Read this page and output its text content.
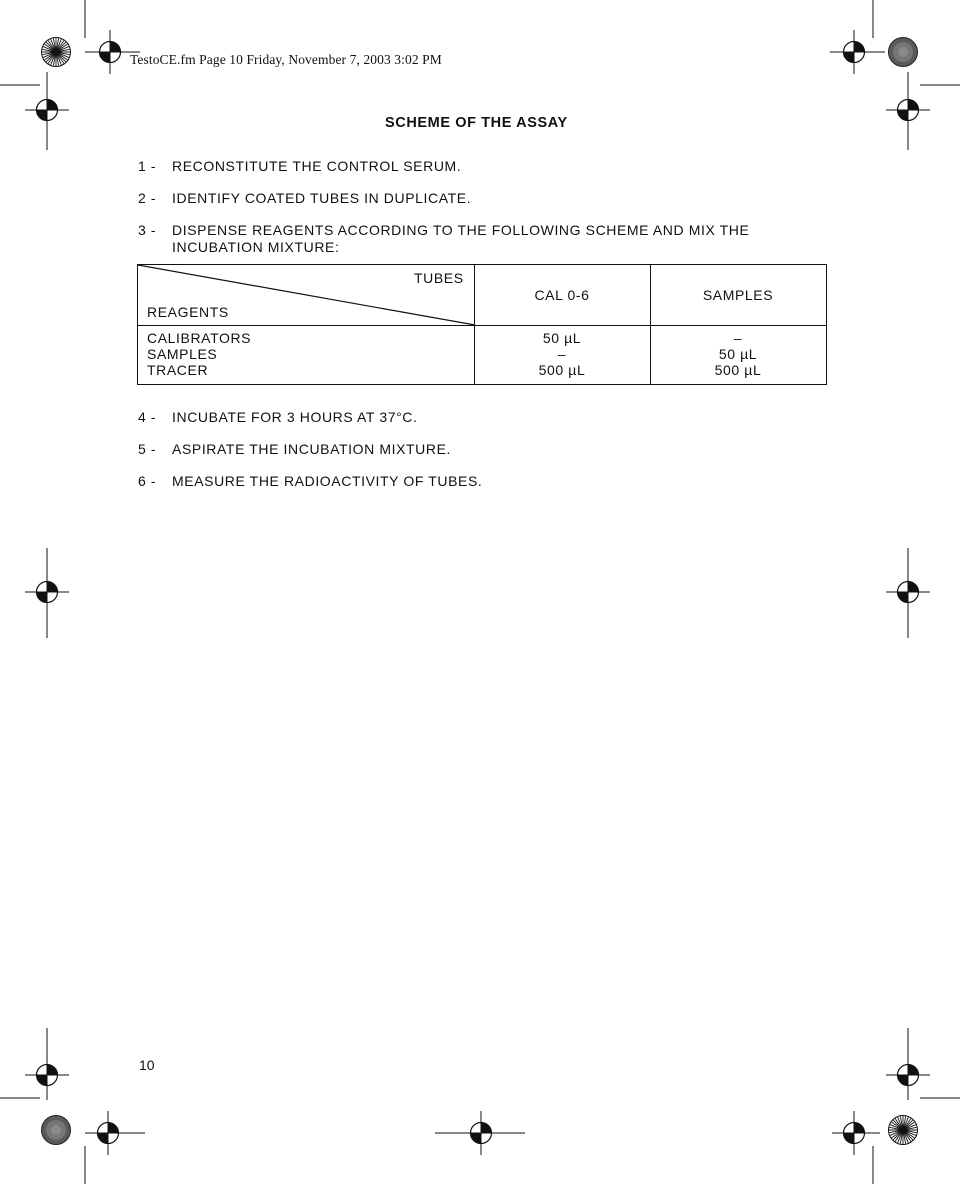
TestoCE.fm Page 10 Friday, November 7, 2003 3:02 PM
SCHEME OF THE ASSAY
1 - RECONSTITUTE THE CONTROL SERUM.
2 - IDENTIFY COATED TUBES IN DUPLICATE.
3 - DISPENSE REAGENTS ACCORDING TO THE FOLLOWING SCHEME AND MIX THE
INCUBATION MIXTURE:
TUBES
REAGENTS
CAL 0-6	SAMPLES
CALIBRATORS
SAMPLES
TRACER
50 µL
–
500 µL
–
50 µL
500 µL
4 - INCUBATE FOR 3 HOURS AT 37°C.
5 - ASPIRATE THE INCUBATION MIXTURE.
6 - MEASURE THE RADIOACTIVITY OF TUBES.
10
